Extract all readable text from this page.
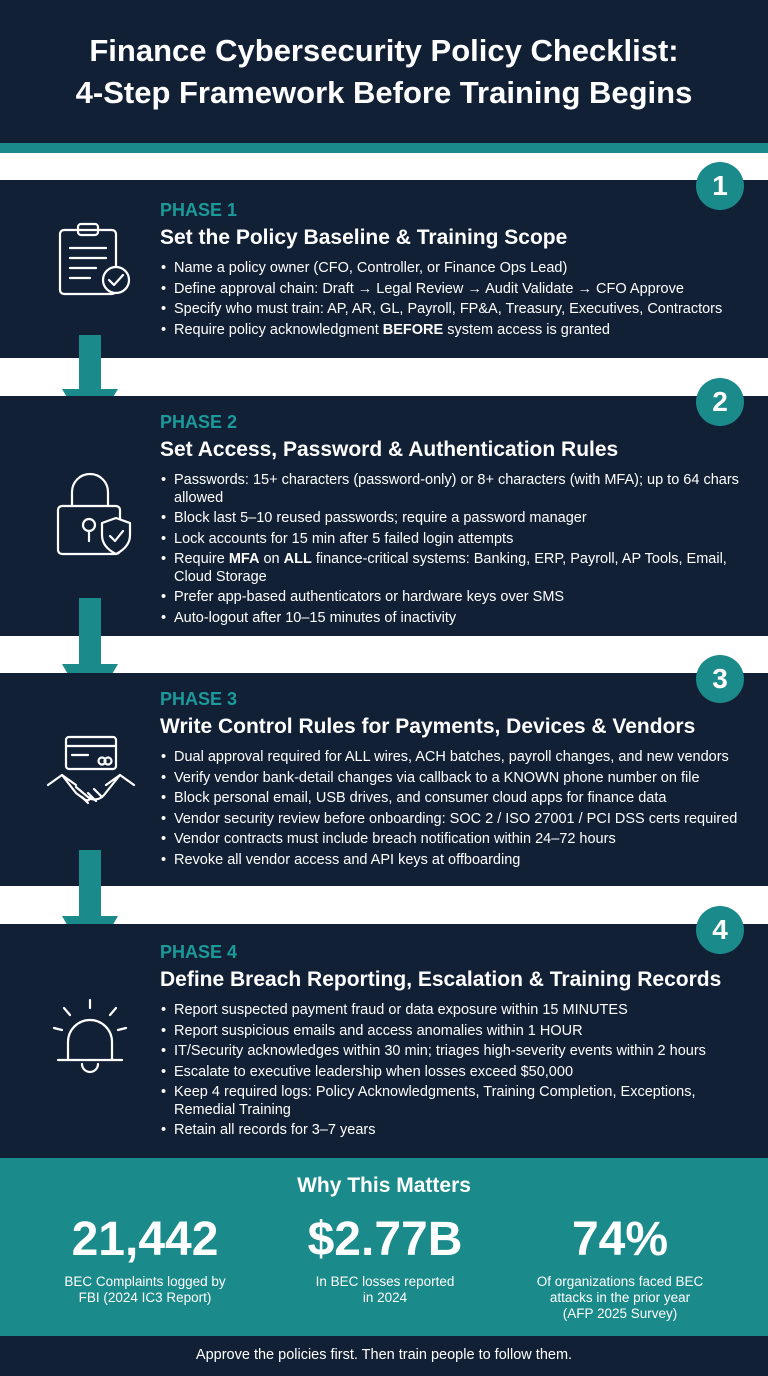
Finance Cybersecurity Policy Checklist:
4-Step Framework Before Training Begins
1
PHASE 1
Set the Policy Baseline & Training Scope
• Name a policy owner (CFO, Controller, or Finance Ops Lead)
• Define approval chain: Draft → Legal Review → Audit Validate → CFO Approve
• Specify who must train: AP, AR, GL, Payroll, FP&A, Treasury, Executives, Contractors
• Require policy acknowledgment BEFORE system access is granted
2
PHASE 2
Set Access, Password & Authentication Rules
• Passwords: 15+ characters (password-only) or 8+ characters (with MFA); up to 64 chars allowed
• Block last 5–10 reused passwords; require a password manager
• Lock accounts for 15 min after 5 failed login attempts
• Require MFA on ALL finance-critical systems: Banking, ERP, Payroll, AP Tools, Email, Cloud Storage
• Prefer app-based authenticators or hardware keys over SMS
• Auto-logout after 10–15 minutes of inactivity
3
PHASE 3
Write Control Rules for Payments, Devices & Vendors
• Dual approval required for ALL wires, ACH batches, payroll changes, and new vendors
• Verify vendor bank-detail changes via callback to a KNOWN phone number on file
• Block personal email, USB drives, and consumer cloud apps for finance data
• Vendor security review before onboarding: SOC 2 / ISO 27001 / PCI DSS certs required
• Vendor contracts must include breach notification within 24–72 hours
• Revoke all vendor access and API keys at offboarding
4
PHASE 4
Define Breach Reporting, Escalation & Training Records
• Report suspected payment fraud or data exposure within 15 MINUTES
• Report suspicious emails and access anomalies within 1 HOUR
• IT/Security acknowledges within 30 min; triages high-severity events within 2 hours
• Escalate to executive leadership when losses exceed $50,000
• Keep 4 required logs: Policy Acknowledgments, Training Completion, Exceptions, Remedial Training
• Retain all records for 3–7 years
Why This Matters
21,442
BEC Complaints logged by
FBI (2024 IC3 Report)
$2.77B
In BEC losses reported
in 2024
74%
Of organizations faced BEC
attacks in the prior year
(AFP 2025 Survey)
Approve the policies first. Then train people to follow them.
